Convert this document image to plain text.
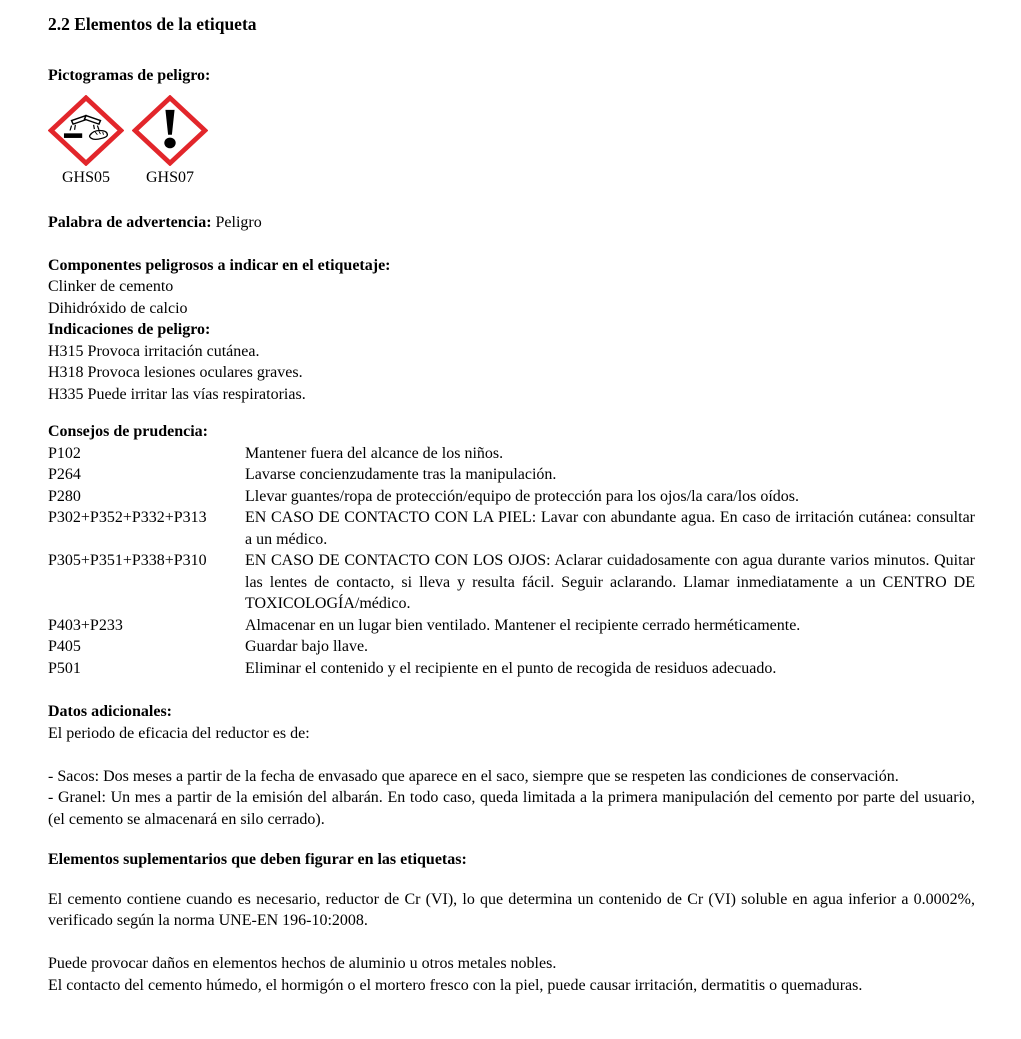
2.2 Elementos de la etiqueta
Pictogramas de peligro:
GHS05 GHS07

Palabra de advertencia: Peligro

Componentes peligrosos a indicar en el etiquetaje:

Clinker de cemento

Dihidróxido de calcio

Indicaciones de peligro:

H315 Provoca irritación cutánea.

H318 Provoca lesiones oculares graves.

H335 Puede irritar las vías respiratorias.

Consejos de prudencia:
P102	Mantener fuera del alcance de los niños.
P264	Lavarse concienzudamente tras la manipulación.
P280	Llevar guantes/ropa de protección/equipo de protección para los ojos/la cara/los oídos.
P302+P352+P332+P313	EN CASO DE CONTACTO CON LA PIEL: Lavar con abundante agua. En caso de irritación cutánea: consultar a un médico.
P305+P351+P338+P310	EN CASO DE CONTACTO CON LOS OJOS: Aclarar cuidadosamente con agua durante varios minutos. Quitar las lentes de contacto, si lleva y resulta fácil. Seguir aclarando. Llamar inmediatamente a un CENTRO DE TOXICOLOGÍA/médico.
P403+P233	Almacenar en un lugar bien ventilado. Mantener el recipiente cerrado herméticamente.
P405	Guardar bajo llave.
P501	Eliminar el contenido y el recipiente en el punto de recogida de residuos adecuado.
Datos adicionales:

El periodo de eficacia del reductor es de:

- Sacos: Dos meses a partir de la fecha de envasado que aparece en el saco, siempre que se respeten las condiciones de conservación.

- Granel: Un mes a partir de la emisión del albarán. En todo caso, queda limitada a la primera manipulación del cemento por parte del usuario, (el cemento se almacenará en silo cerrado).

Elementos suplementarios que deben figurar en las etiquetas:

El cemento contiene cuando es necesario, reductor de Cr (VI), lo que determina un contenido de Cr (VI) soluble en agua inferior a 0.0002%, verificado según la norma UNE-EN 196-10:2008.

Puede provocar daños en elementos hechos de aluminio u otros metales nobles.

El contacto del cemento húmedo, el hormigón o el mortero fresco con la piel, puede causar irritación, dermatitis o quemaduras.
